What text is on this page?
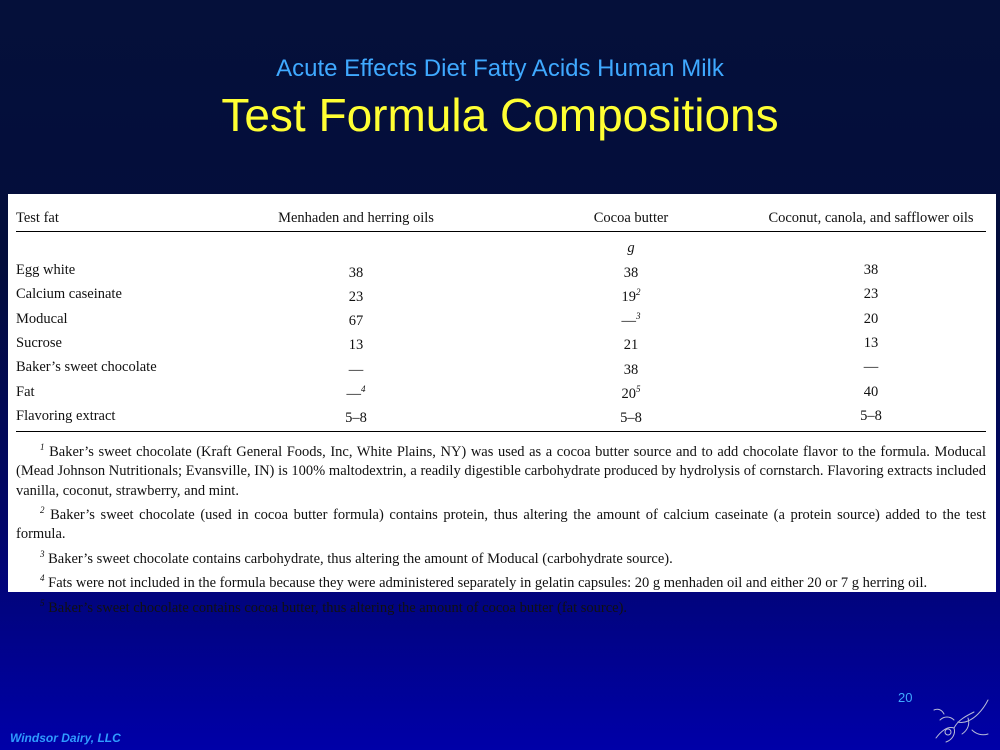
Acute Effects Diet Fatty Acids Human Milk
Test Formula Compositions
Test fat	Menhaden and herring oils	Cocoa butter	Coconut, canola, and safflower oils
		g	
Egg white	38	38	38
Calcium caseinate	23	$19^2$	23
Moducal	67	—$^3$	20
Sucrose	13	21	13
Baker’s sweet chocolate	—	38	—
Fat	—$^4$	$20^5$	40
Flavoring extract	5–8	5–8	5–8

$^1$ Baker’s sweet chocolate (Kraft General Foods, Inc, White Plains, NY) was used as a cocoa butter source and to add chocolate flavor to the formula. Moducal (Mead Johnson Nutritionals; Evansville, IN) is 100% maltodextrin, a readily digestible carbohydrate produced by hydrolysis of cornstarch. Flavoring extracts included vanilla, coconut, strawberry, and mint.

$^2$ Baker’s sweet chocolate (used in cocoa butter formula) contains protein, thus altering the amount of calcium caseinate (a protein source) added to the test formula.

$^3$ Baker’s sweet chocolate contains carbohydrate, thus altering the amount of Moducal (carbohydrate source).

$^4$ Fats were not included in the formula because they were administered separately in gelatin capsules: 20 g menhaden oil and either 20 or 7 g herring oil.

$^5$ Baker’s sweet chocolate contains cocoa butter, thus altering the amount of cocoa butter (fat source).

20
Windsor Dairy, LLC
